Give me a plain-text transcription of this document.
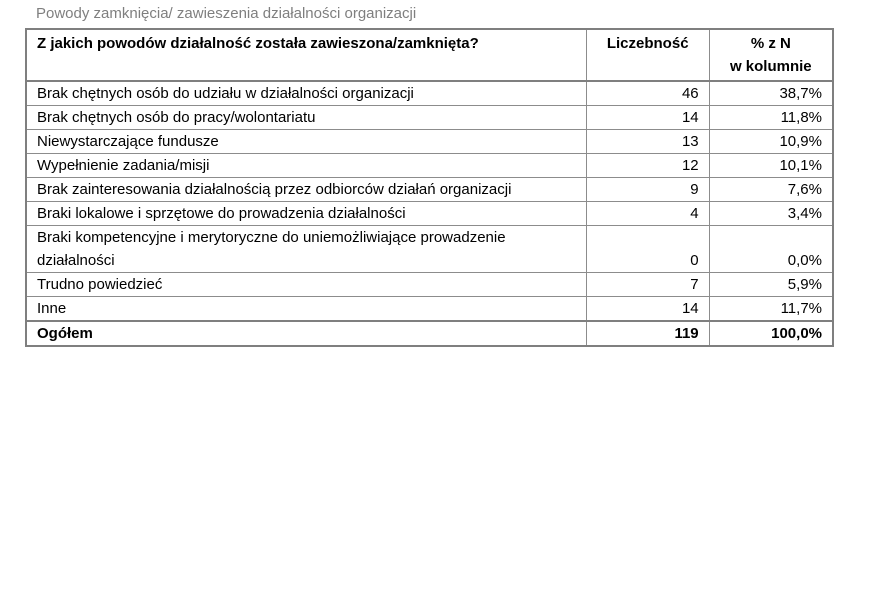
Powody zamknięcia/ zawieszenia działalności organizacji
Z jakich powodów działalność została zawieszona/zamknięta?	Liczebność	% z N
w kolumnie

Brak chętnych osób do udziału w działalności organizacji	46	38,7%
Brak chętnych osób do pracy/wolontariatu	14	11,8%
Niewystarczające fundusze	13	10,9%
Wypełnienie zadania/misji	12	10,1%
Brak zainteresowania działalnością przez odbiorców działań organizacji	9	7,6%
Braki lokalowe i sprzętowe do prowadzenia działalności	4	3,4%
Braki kompetencyjne i merytoryczne do uniemożliwiające prowadzenie działalności	0	0,0%
Trudno powiedzieć	7	5,9%
Inne	14	11,7%
Ogółem	119	100,0%
